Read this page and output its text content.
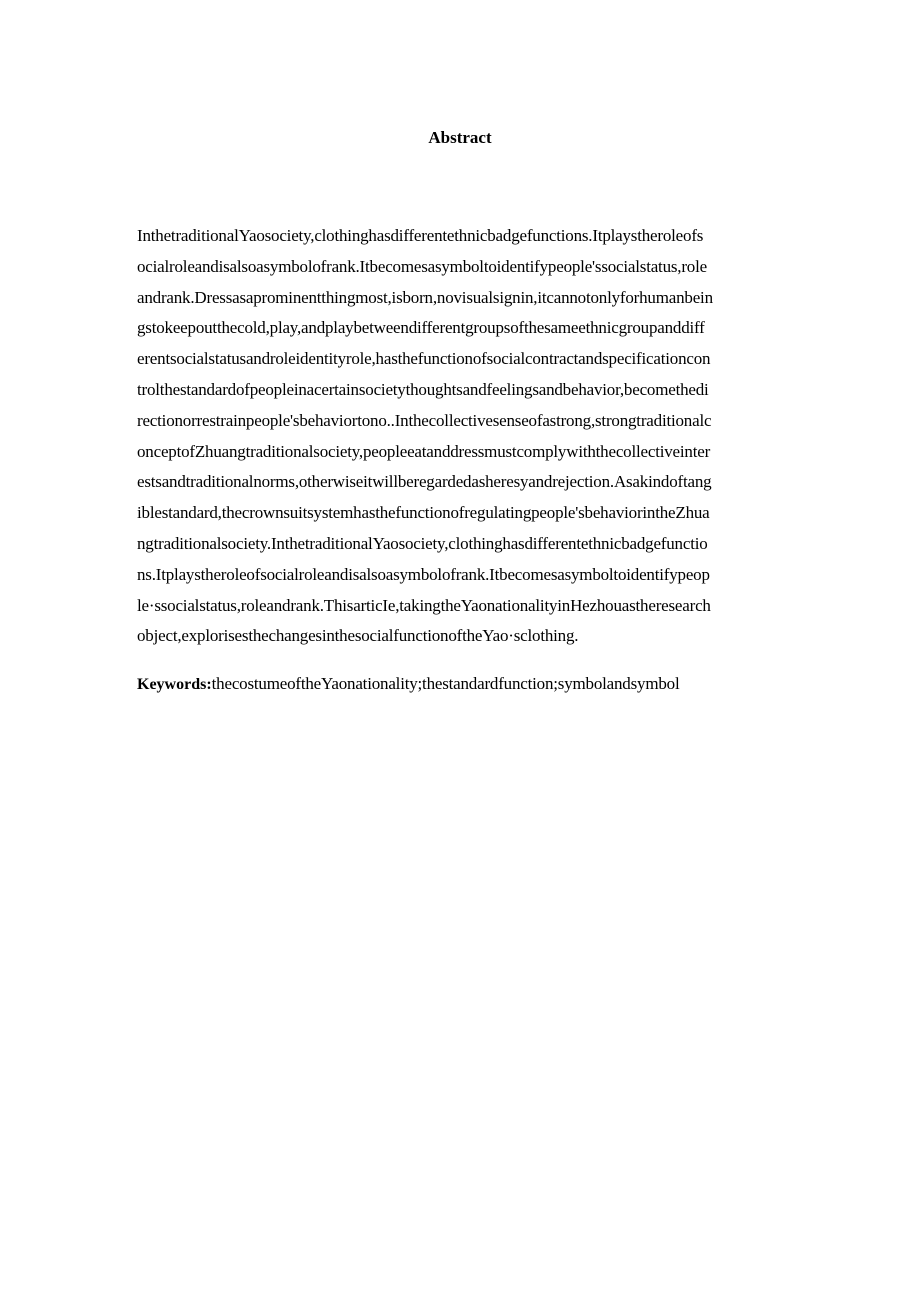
Abstract
InthetraditionalYaosociety,clothinghasdifferentethnicbadgefunctions.Itplaystheroleofs
ocialroleandisalsoasymbolofrank.Itbecomesasymboltoidentifypeople'ssocialstatus,role
andrank.Dressasaprominentthingmost,isborn,novisualsignin,itcannotonlyforhumanbein
gstokeepoutthecold,play,andplaybetweendifferentgroupsofthesameethnicgroupanddiff
erentsocialstatusandroleidentityrole,hasthefunctionofsocialcontractandspecificationcon
trolthestandardofpeopleinacertainsocietythoughtsandfeelingsandbehavior,becomethedi
rectionorrestrainpeople'sbehaviortono..Inthecollectivesenseofastrong,strongtraditionalc
onceptofZhuangtraditionalsociety,peopleeatanddressmustcomplywiththecollectiveinter
estsandtraditionalnorms,otherwiseitwillberegardedasheresyandrejection.Asakindoftang
iblestandard,thecrownsuitsystemhasthefunctionofregulatingpeople'sbehaviorintheZhua
ngtraditionalsociety.InthetraditionalYaosociety,clothinghasdifferentethnicbadgefunctio
ns.Itplaystheroleofsocialroleandisalsoasymbolofrank.Itbecomesasymboltoidentifypeop
le·ssocialstatus,roleandrank.ThisarticIe,takingtheYaonationalityinHezhouastheresearch
object,explorisesthechangesinthesocialfunctionoftheYao·sclothing.
Keywords:thecostumeoftheYaonationality;thestandardfunction;symbolandsymbol
